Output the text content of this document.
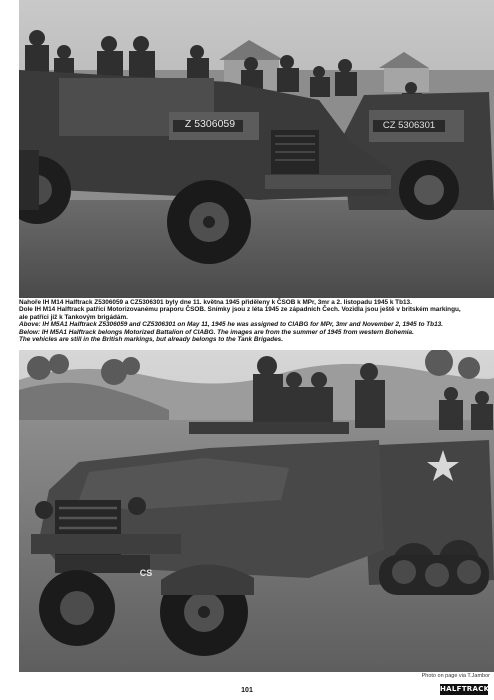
Z 5306059	CZ 5306301

Nahoře IH M14 Halftrack Z5306059 a CZ5306301 byly dne 11. května 1945 přiděleny k ČSOB k MPr, 3mr a 2. listopadu 1945 k Tb13.

Dole IH M14 Halftrack patřící Motorizovanému praporu ČSOB. Snímky jsou z léta 1945 ze západních Čech. Vozidla jsou ještě v britském markingu,

ale patříci již k Tankovým brigádám.

Above: IH M5A1 Halftrack Z5306059 and CZ5306301 on May 11, 1945 he was assigned to CIABG for MPr, 3mr and November 2, 1945 to Tb13.

Below: IH M5A1 Halftrack belongs Motorized Battalion of CIABG. The images are from the summer of 1945 from western Bohemia.

The vehicles are still in the British markings, but already belongs to the Tank Brigades.

CS
Photo on page via T.Jambor
101	HALFTRACK
